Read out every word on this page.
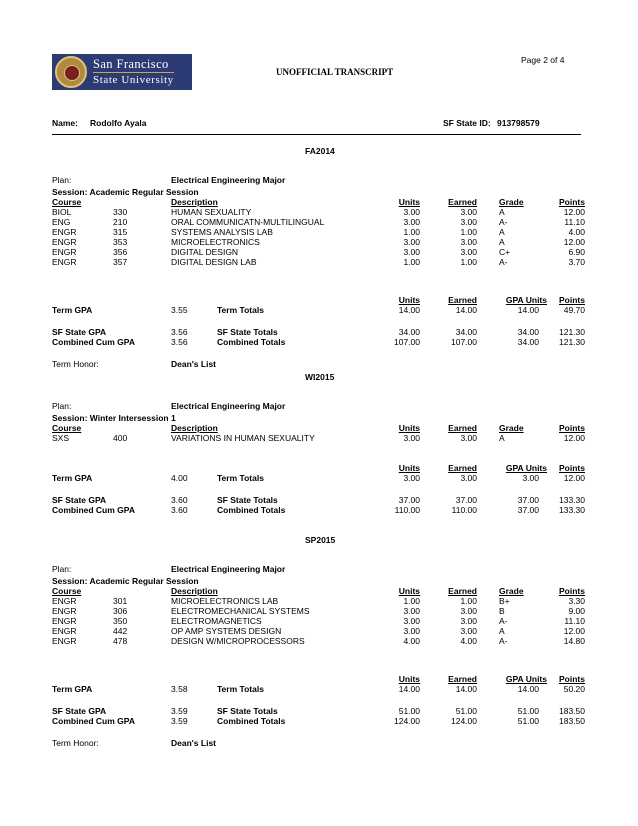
San Francisco
State University
Page 2 of 4
UNOFFICIAL TRANSCRIPT
Name: Rodolfo Ayala	SF State ID: 913798579
FA2014
Plan:	Electrical Engineering Major
Session: Academic Regular Session
Course	Description	Units	Earned	Grade	Points
BIOL	330	HUMAN SEXUALITY	3.00	3.00	A	12.00
ENG	210	ORAL COMMUNICATN-MULTILINGUAL	3.00	3.00	A-	11.10
ENGR	315	SYSTEMS ANALYSIS LAB	1.00	1.00	A	4.00
ENGR	353	MICROELECTRONICS	3.00	3.00	A	12.00
ENGR	356	DIGITAL DESIGN	3.00	3.00	C+	6.90
ENGR	357	DIGITAL DESIGN LAB	1.00	1.00	A-	3.70
Units	Earned	GPA Units	Points
Term GPA	3.55	Term Totals	14.00	14.00	14.00	49.70
SF State GPA	3.56	SF State Totals	34.00	34.00	34.00	121.30
Combined Cum GPA	3.56	Combined Totals	107.00	107.00	34.00	121.30
Term Honor:	Dean's List
WI2015
Plan:	Electrical Engineering Major
Session: Winter Intersession 1
Course	Description	Units	Earned	Grade	Points
SXS	400	VARIATIONS IN HUMAN SEXUALITY	3.00	3.00	A	12.00
Units	Earned	GPA Units	Points
Term GPA	4.00	Term Totals	3.00	3.00	3.00	12.00
SF State GPA	3.60	SF State Totals	37.00	37.00	37.00	133.30
Combined Cum GPA	3.60	Combined Totals	110.00	110.00	37.00	133.30
SP2015
Plan:	Electrical Engineering Major
Session: Academic Regular Session
Course	Description	Units	Earned	Grade	Points
ENGR	301	MICROELECTRONICS LAB	1.00	1.00	B+	3.30
ENGR	306	ELECTROMECHANICAL SYSTEMS	3.00	3.00	B	9.00
ENGR	350	ELECTROMAGNETICS	3.00	3.00	A-	11.10
ENGR	442	OP AMP SYSTEMS DESIGN	3.00	3.00	A	12.00
ENGR	478	DESIGN W/MICROPROCESSORS	4.00	4.00	A-	14.80
Units	Earned	GPA Units	Points
Term GPA	3.58	Term Totals	14.00	14.00	14.00	50.20
SF State GPA	3.59	SF State Totals	51.00	51.00	51.00	183.50
Combined Cum GPA	3.59	Combined Totals	124.00	124.00	51.00	183.50
Term Honor:	Dean's List
